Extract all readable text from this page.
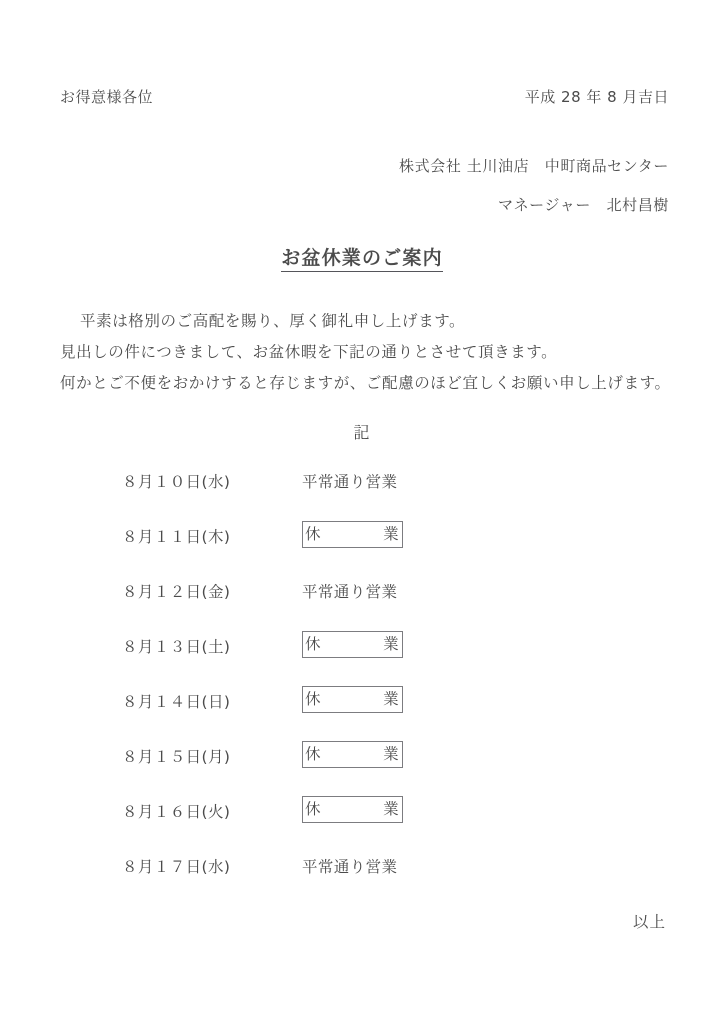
お得意様各位	平成 28 年 8 月吉日
株式会社 土川油店　中町商品センター
マネージャー　北村昌樹
お盆休業のご案内
平素は格別のご高配を賜り、厚く御礼申し上げます。
見出しの件につきまして、お盆休暇を下記の通りとさせて頂きます。
何かとご不便をおかけすると存じますが、ご配慮のほど宜しくお願い申し上げます。
記
８月１０日(水)	平常通り営業
８月１１日(木)	休	業
８月１２日(金)	平常通り営業
８月１３日(土)	休	業
８月１４日(日)	休	業
８月１５日(月)	休	業
８月１６日(火)	休	業
８月１７日(水)	平常通り営業
以上
